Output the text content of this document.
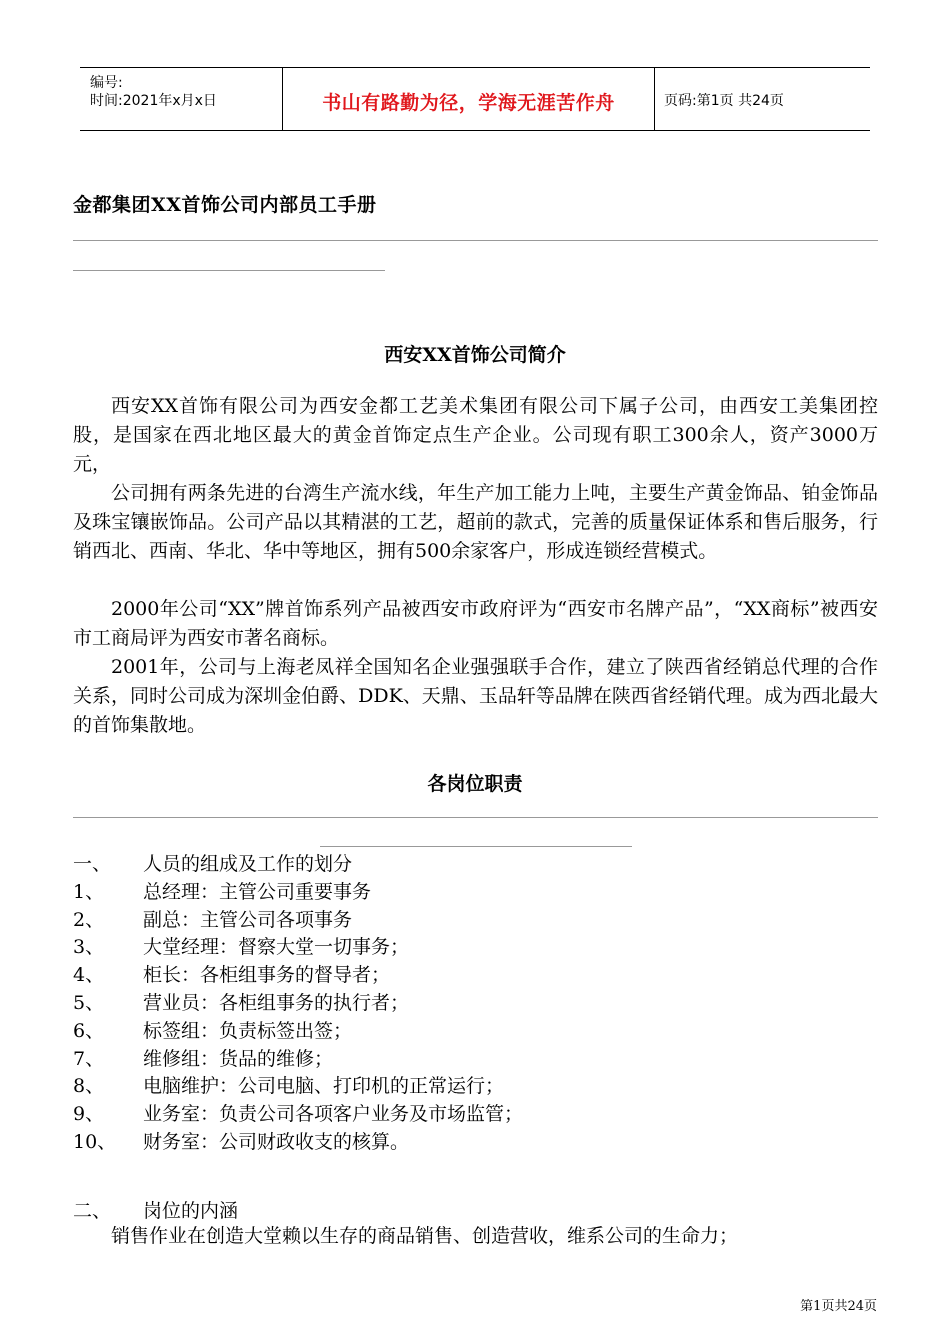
编号:
时间:2021年x月x日	书山有路勤为径，学海无涯苦作舟	页码:第1页 共24页
金都集团XX首饰公司内部员工手册
西安XX首饰公司简介

西安XX首饰有限公司为西安金都工艺美术集团有限公司下属子公司，由西安工美集团控股，是国家在西北地区最大的黄金首饰定点生产企业。公司现有职工300余人，资产3000万元，

公司拥有两条先进的台湾生产流水线，年生产加工能力上吨，主要生产黄金饰品、铂金饰品及珠宝镶嵌饰品。公司产品以其精湛的工艺，超前的款式，完善的质量保证体系和售后服务，行销西北、西南、华北、华中等地区，拥有500余家客户，形成连锁经营模式。

2000年公司“XX”牌首饰系列产品被西安市政府评为“西安市名牌产品”，“XX商标”被西安市工商局评为西安市著名商标。

2001年，公司与上海老凤祥全国知名企业强强联手合作，建立了陕西省经销总代理的合作关系，同时公司成为深圳金伯爵、DDK、天鼎、玉品轩等品牌在陕西省经销代理。成为西北最大的首饰集散地。

各岗位职责
一、 人员的组成及工作的划分
1、 总经理：主管公司重要事务
2、 副总：主管公司各项事务
3、 大堂经理：督察大堂一切事务；
4、 柜长：各柜组事务的督导者；
5、 营业员：各柜组事务的执行者；
6、 标签组：负责标签出签；
7、 维修组：货品的维修；
8、 电脑维护：公司电脑、打印机的正常运行；
9、 业务室：负责公司各项客户业务及市场监管；
10、 财务室：公司财政收支的核算。
二、 岗位的内涵

销售作业在创造大堂赖以生存的商品销售、创造营收，维系公司的生命力；

第1页共24页
